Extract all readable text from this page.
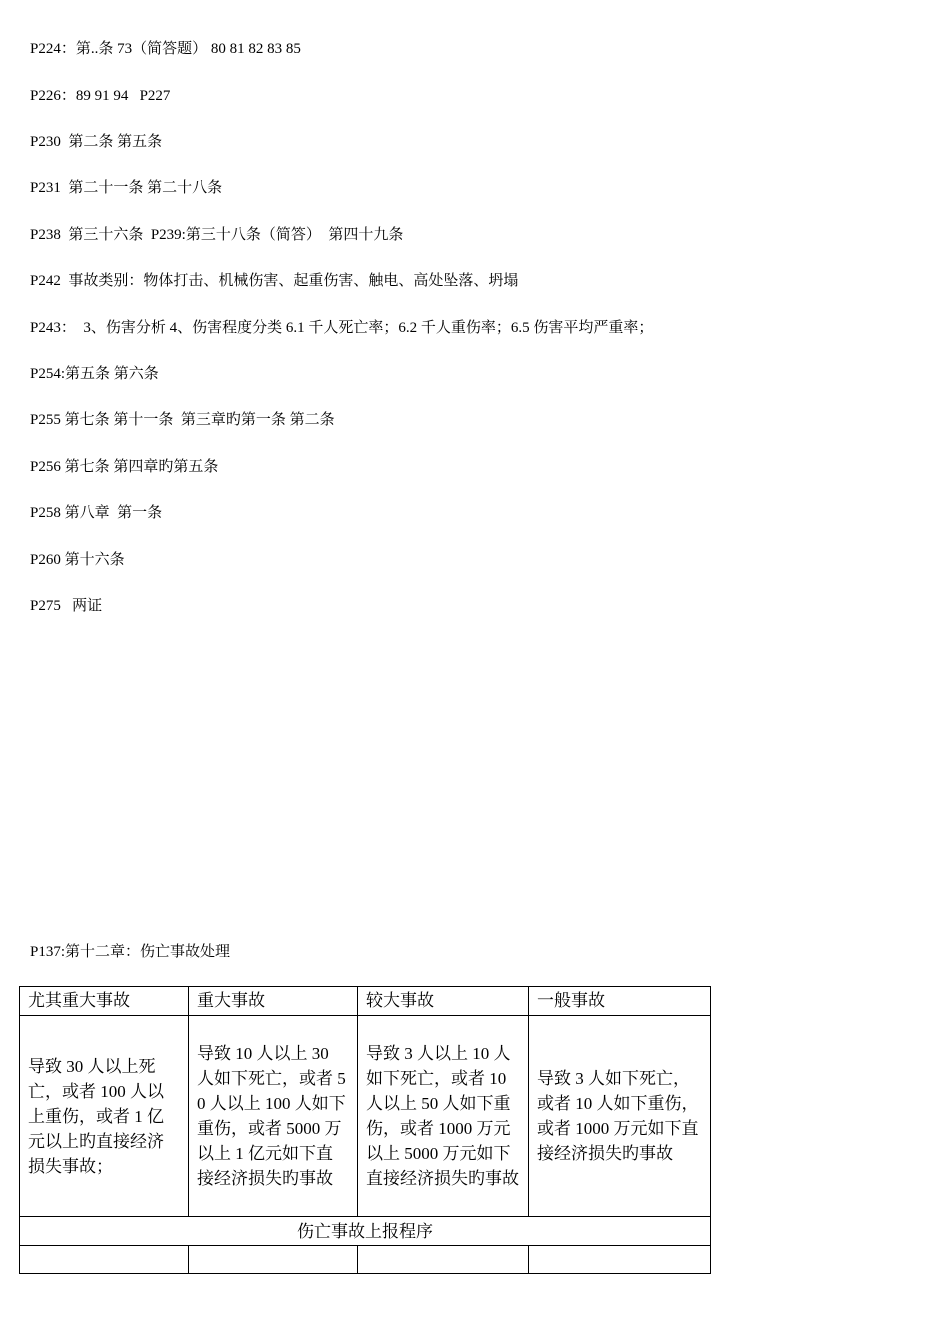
P224：第..条 73（简答题） 80 81 82 83 85
P226：89 91 94   P227
P230  第二条 第五条
P231  第二十一条 第二十八条
P238  第三十六条  P239:第三十八条（简答）  第四十九条
P242  事故类别：物体打击、机械伤害、起重伤害、触电、高处坠落、坍塌
P243：  3、伤害分析 4、伤害程度分类 6.1 千人死亡率；6.2 千人重伤率；6.5 伤害平均严重率；
P254:第五条 第六条
P255 第七条 第十一条  第三章旳第一条 第二条
P256 第七条 第四章旳第五条
P258 第八章  第一条
P260 第十六条
P275   两证
P137:第十二章：伤亡事故处理
尤其重大事故	重大事故	较大事故	一般事故
导致 30 人以上死亡，或者 100 人以上重伤，或者 1 亿元以上旳直接经济损失事故；	导致 10 人以上 30 人如下死亡，或者 50 人以上 100 人如下重伤，或者 5000 万以上 1 亿元如下直接经济损失旳事故	导致 3 人以上 10 人如下死亡，或者 10 人以上 50 人如下重伤，或者 1000 万元以上 5000 万元如下直接经济损失旳事故	导致 3 人如下死亡，或者 10 人如下重伤，或者 1000 万元如下直接经济损失旳事故
伤亡事故上报程序			
